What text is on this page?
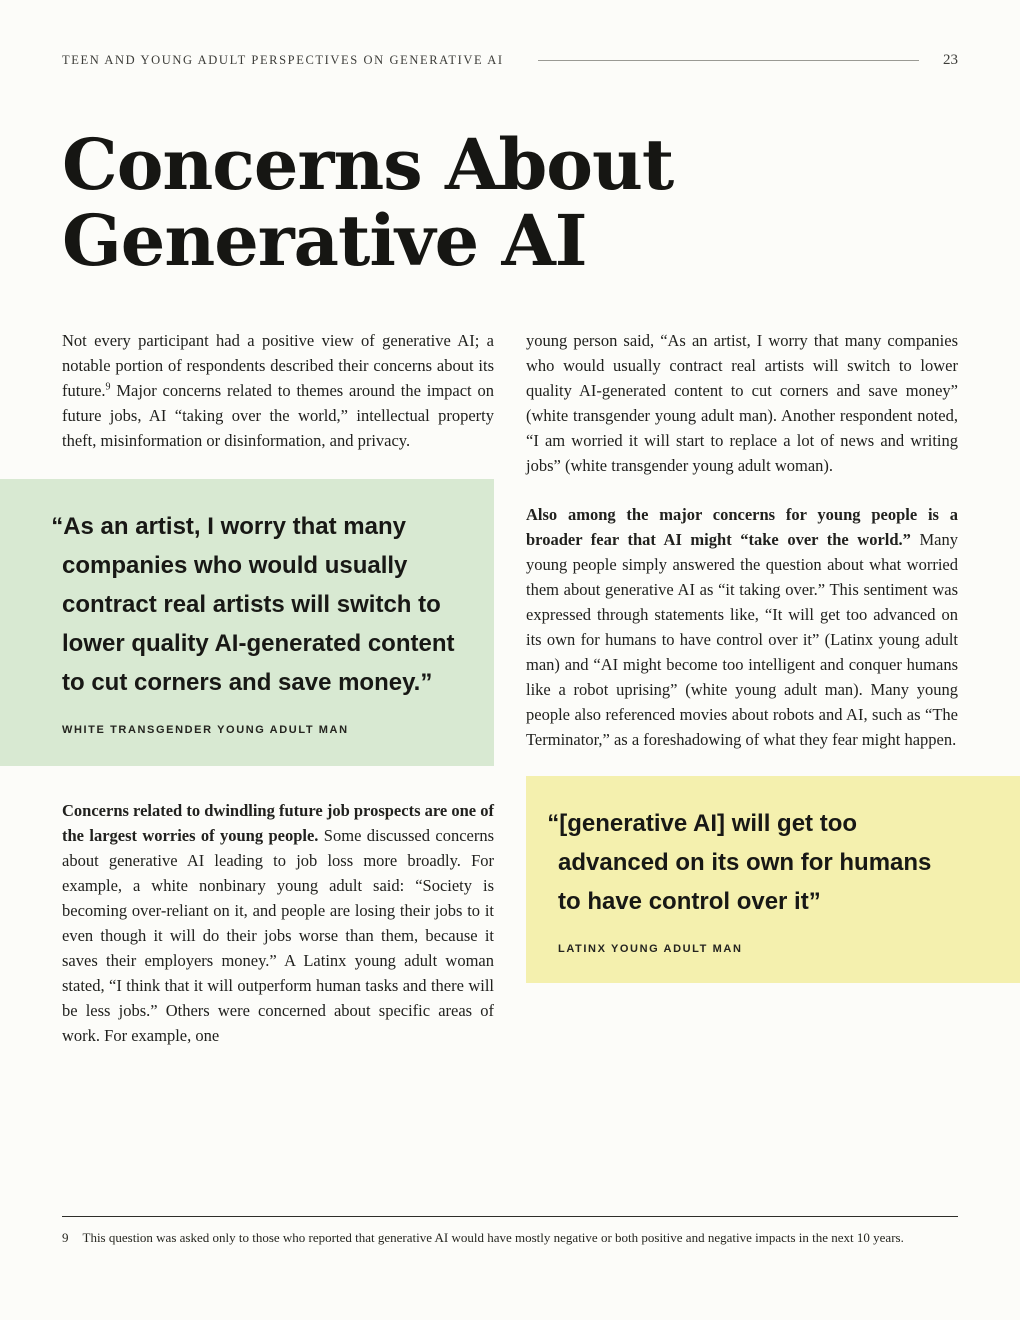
TEEN AND YOUNG ADULT PERSPECTIVES ON GENERATIVE AI	23
Concerns About
Generative AI

Not every participant had a positive view of generative AI; a notable portion of respondents described their concerns about its future.$^9$ Major concerns related to themes around the impact on future jobs, AI “taking over the world,” intellectual property theft, misinformation or disinformation, and privacy.

“As an artist, I worry that many companies who would usually contract real artists will switch to lower quality AI-generated content to cut corners and save money.”

WHITE TRANSGENDER YOUNG ADULT MAN

Concerns related to dwindling future job prospects are one of the largest worries of young people. Some discussed concerns about generative AI leading to job loss more broadly. For example, a white nonbinary young adult said: “Society is becoming over-reliant on it, and people are losing their jobs to it even though it will do their jobs worse than them, because it saves their employers money.” A Latinx young adult woman stated, “I think that it will outperform human tasks and there will be less jobs.” Others were concerned about specific areas of work. For example, one

young person said, “As an artist, I worry that many companies who would usually contract real artists will switch to lower quality AI-generated content to cut corners and save money” (white transgender young adult man). Another respondent noted, “I am worried it will start to replace a lot of news and writing jobs” (white transgender young adult woman).

Also among the major concerns for young people is a broader fear that AI might “take over the world.” Many young people simply answered the question about what worried them about generative AI as “it taking over.” This sentiment was expressed through statements like, “It will get too advanced on its own for humans to have control over it” (Latinx young adult man) and “AI might become too intelligent and conquer humans like a robot uprising” (white young adult man). Many young people also referenced movies about robots and AI, such as “The Terminator,” as a foreshadowing of what they fear might happen.

“[generative AI] will get too advanced on its own for humans to have control over it”

LATINX YOUNG ADULT MAN

9 This question was asked only to those who reported that generative AI would have mostly negative or both positive and negative impacts in the next 10 years.
